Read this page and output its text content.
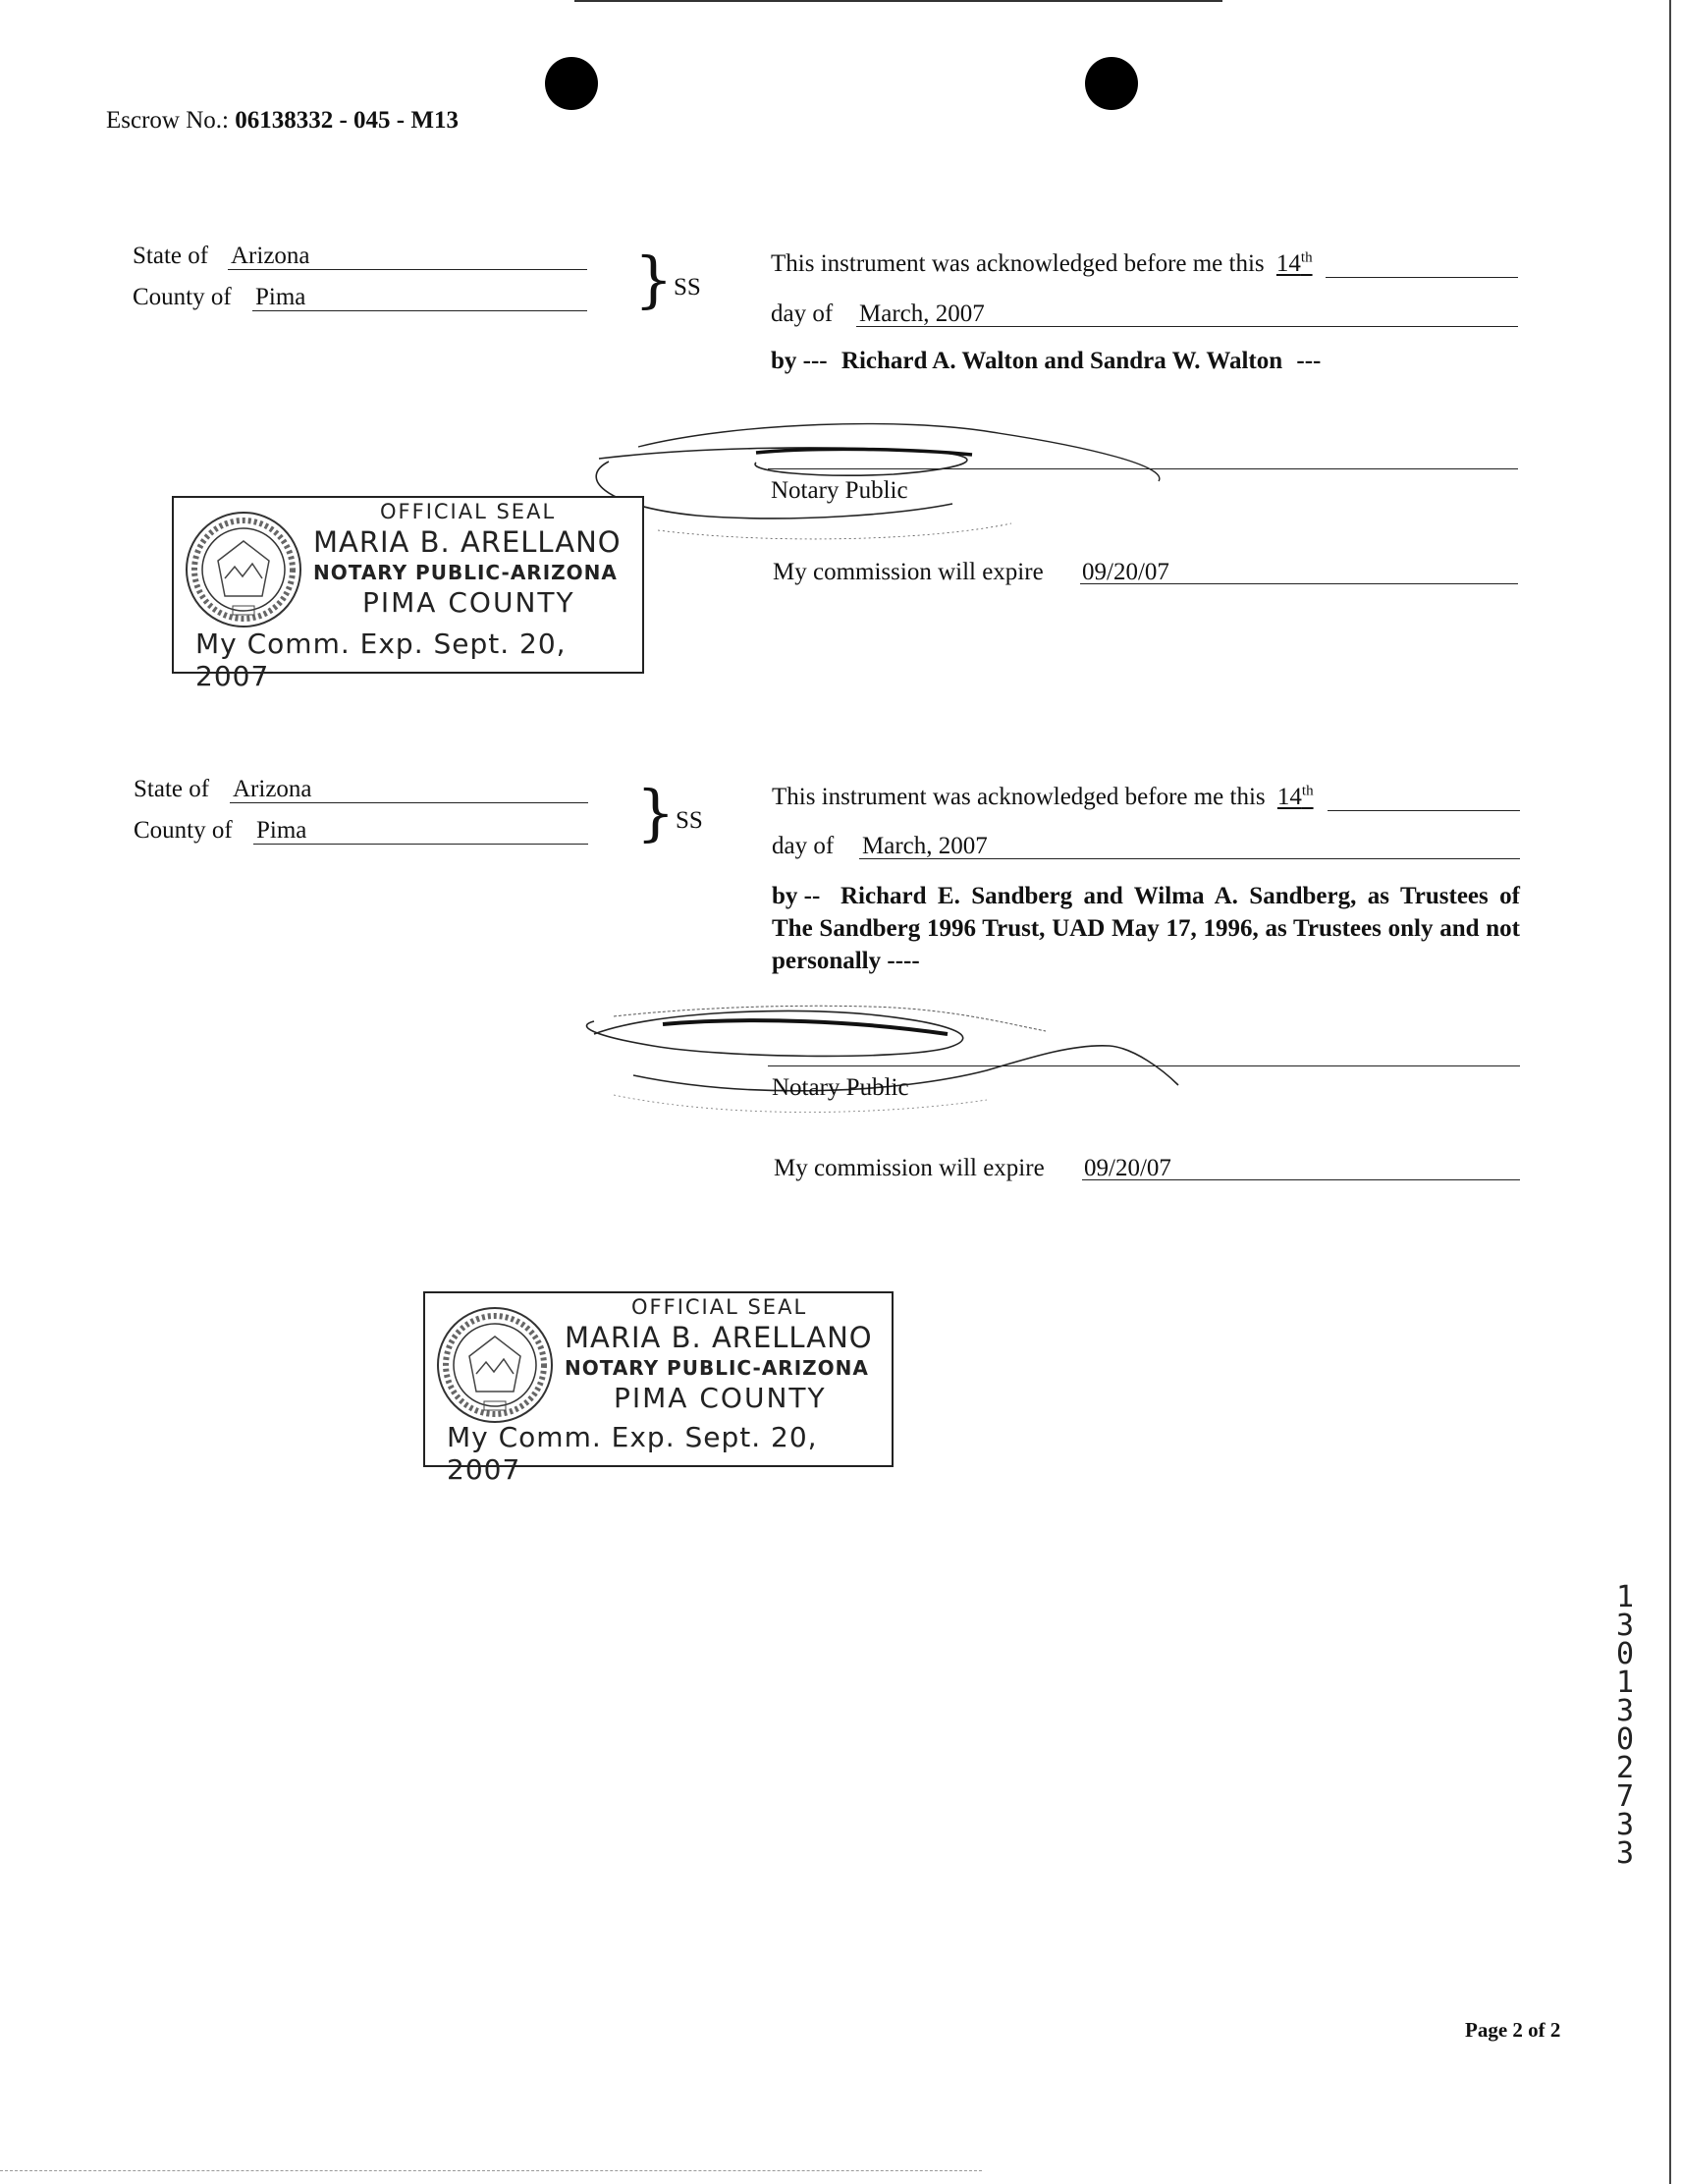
Escrow No.: 06138332 - 045 - M13
State of Arizona
County of Pima	} SS
This instrument was acknowledged before me this 14th
day of March, 2007
by --- Richard A. Walton and Sandra W. Walton ---
Notary Public
My commission will expire 09/20/07
OFFICIAL SEAL
MARIA B. ARELLANO
NOTARY PUBLIC-ARIZONA
PIMA COUNTY
My Comm. Exp. Sept. 20, 2007
State of Arizona
County of Pima	} SS
This instrument was acknowledged before me this 14th
day of March, 2007
by -- Richard E. Sandberg and Wilma A. Sandberg, as Trustees of The Sandberg 1996 Trust, UAD May 17, 1996, as Trustees only and not personally ----
Notary Public
My commission will expire 09/20/07
OFFICIAL SEAL
MARIA B. ARELLANO
NOTARY PUBLIC-ARIZONA
PIMA COUNTY
My Comm. Exp. Sept. 20, 2007
13013
02733
Page 2 of 2
